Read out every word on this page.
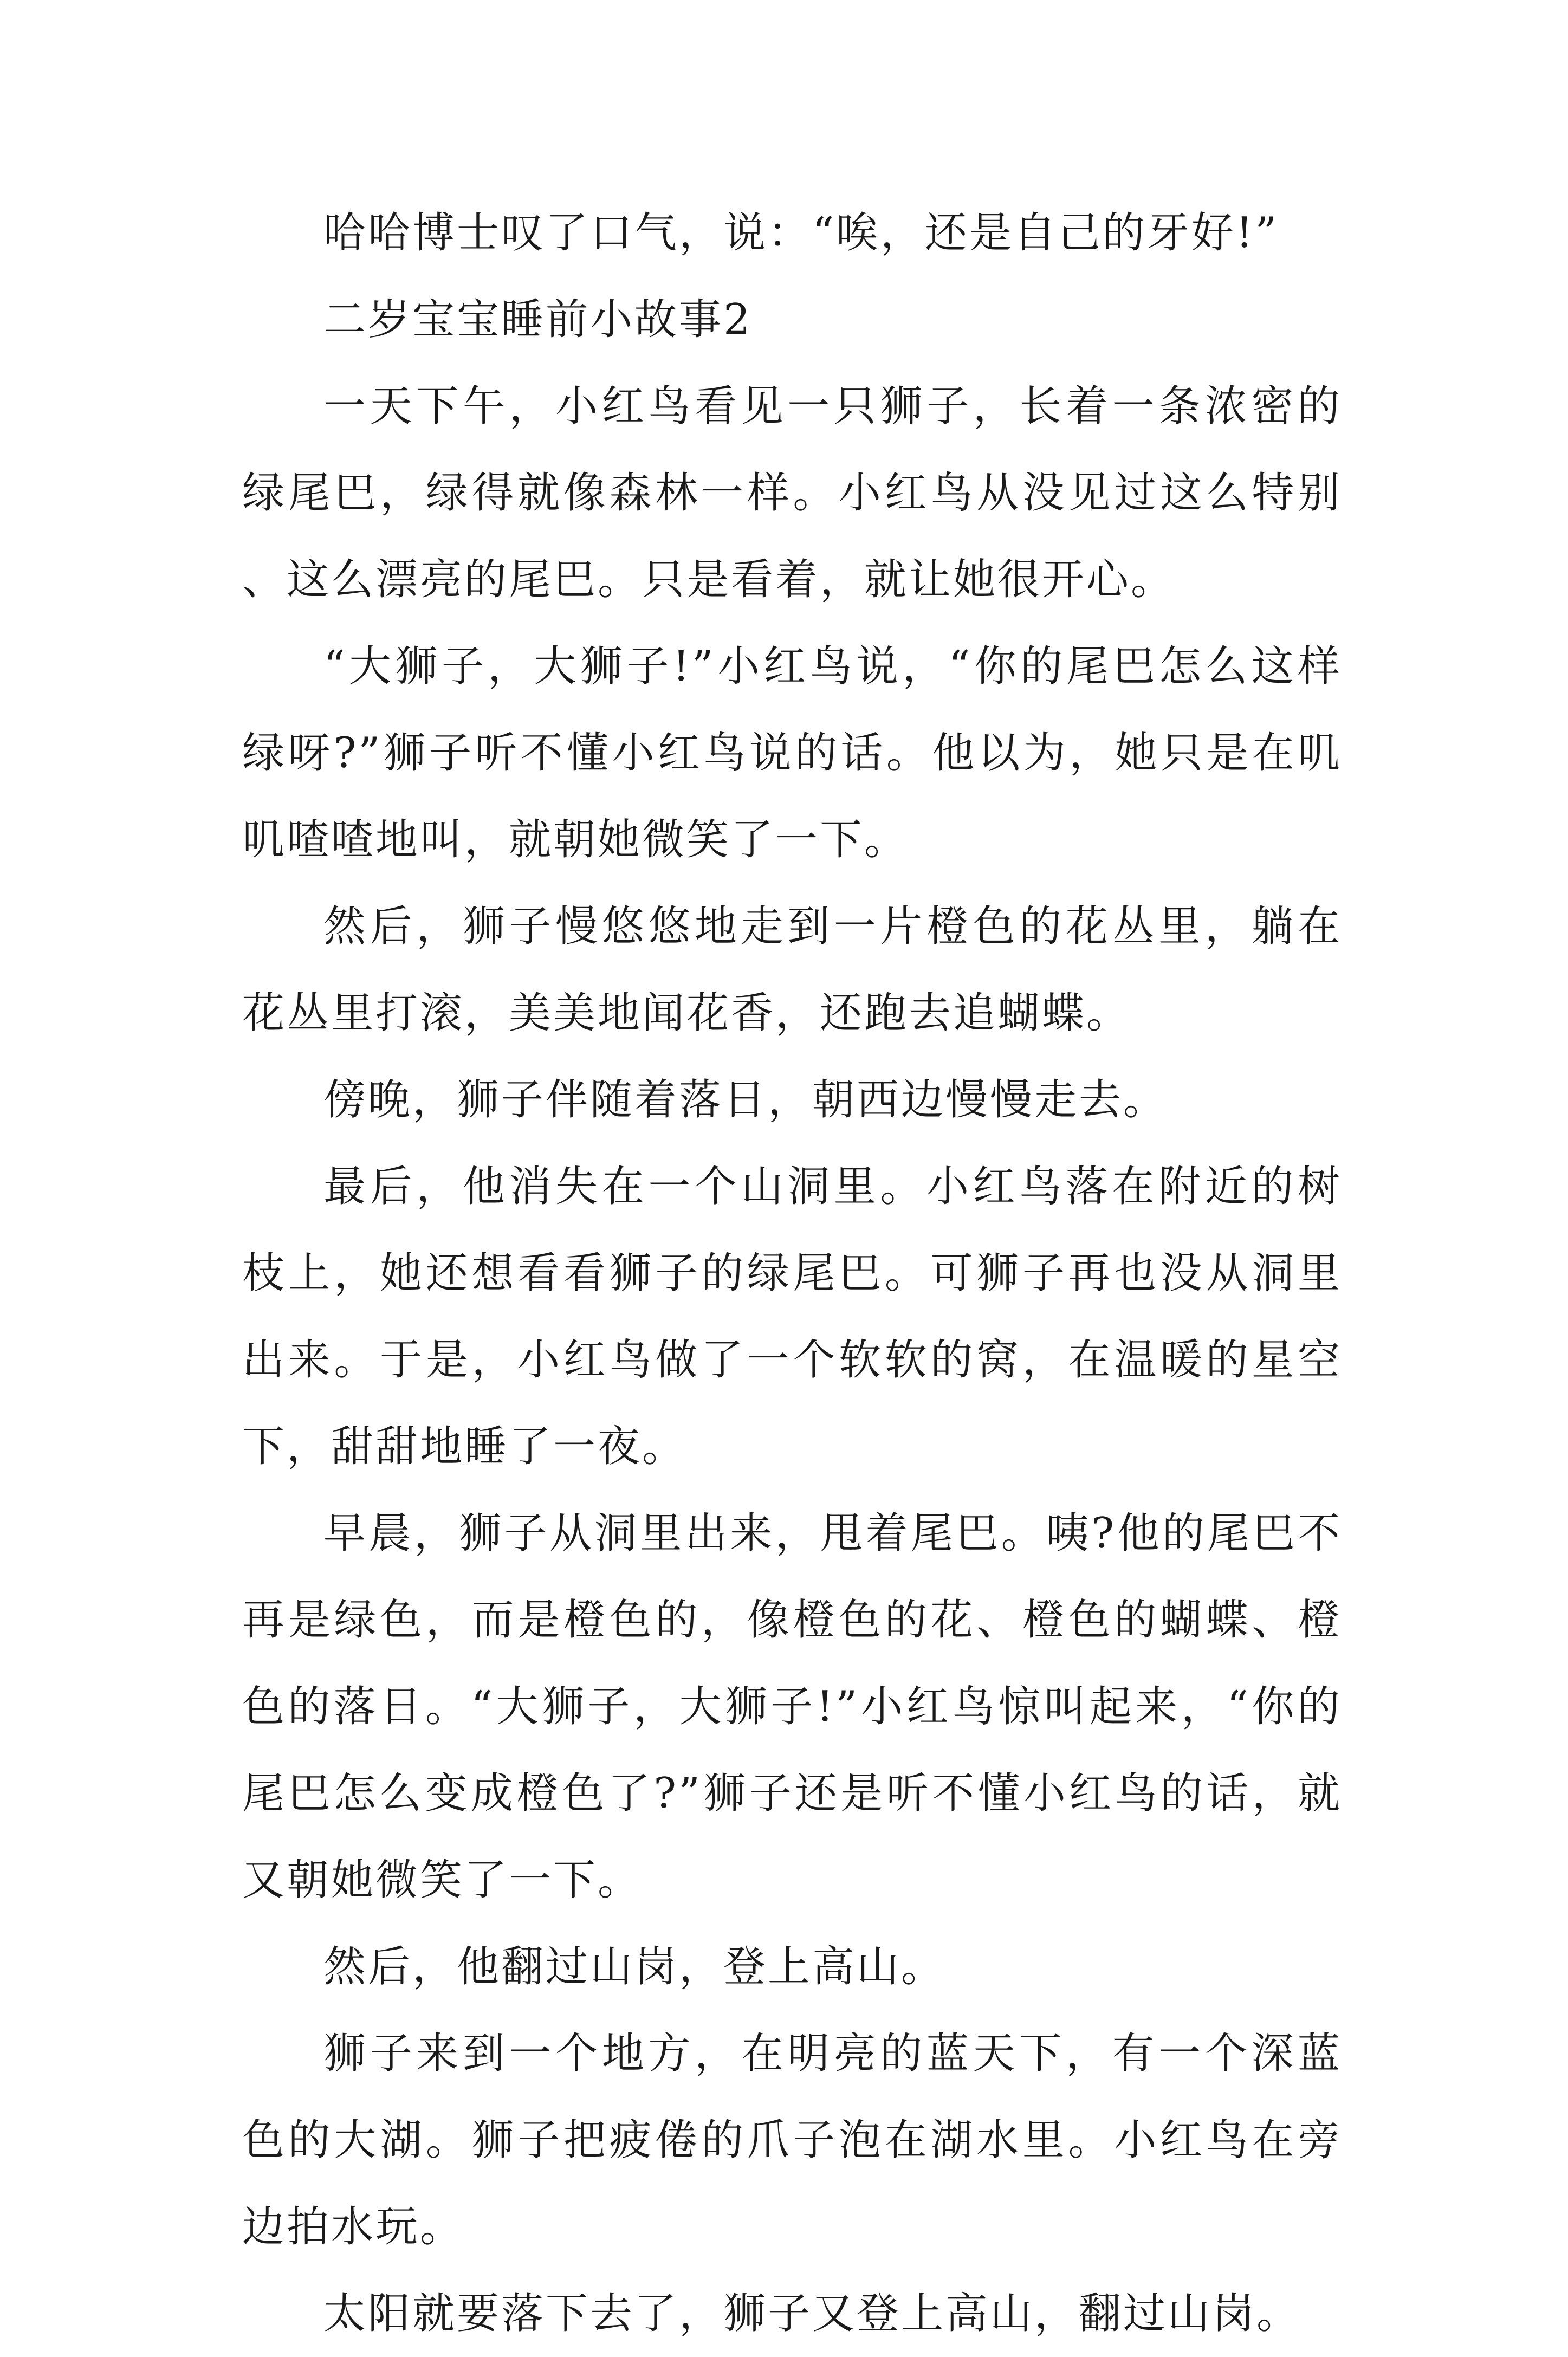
哈哈博士叹了口气，说：“唉，还是自己的牙好!”

二岁宝宝睡前小故事2

一天下午，小红鸟看见一只狮子，长着一条浓密的绿尾巴，绿得就像森林一样。小红鸟从没见过这么特别、这么漂亮的尾巴。只是看着，就让她很开心。

“大狮子，大狮子!”小红鸟说，“你的尾巴怎么这样绿呀?”狮子听不懂小红鸟说的话。他以为，她只是在叽叽喳喳地叫，就朝她微笑了一下。

然后，狮子慢悠悠地走到一片橙色的花丛里，躺在花丛里打滚，美美地闻花香，还跑去追蝴蝶。

傍晚，狮子伴随着落日，朝西边慢慢走去。

最后，他消失在一个山洞里。小红鸟落在附近的树枝上，她还想看看狮子的绿尾巴。可狮子再也没从洞里出来。于是，小红鸟做了一个软软的窝，在温暖的星空下，甜甜地睡了一夜。

早晨，狮子从洞里出来，甩着尾巴。咦?他的尾巴不再是绿色，而是橙色的，像橙色的花、橙色的蝴蝶、橙色的落日。“大狮子，大狮子!”小红鸟惊叫起来，“你的尾巴怎么变成橙色了?”狮子还是听不懂小红鸟的话，就又朝她微笑了一下。

然后，他翻过山岗，登上高山。

狮子来到一个地方，在明亮的蓝天下，有一个深蓝色的大湖。狮子把疲倦的爪子泡在湖水里。小红鸟在旁边拍水玩。

太阳就要落下去了，狮子又登上高山，翻过山岗。
